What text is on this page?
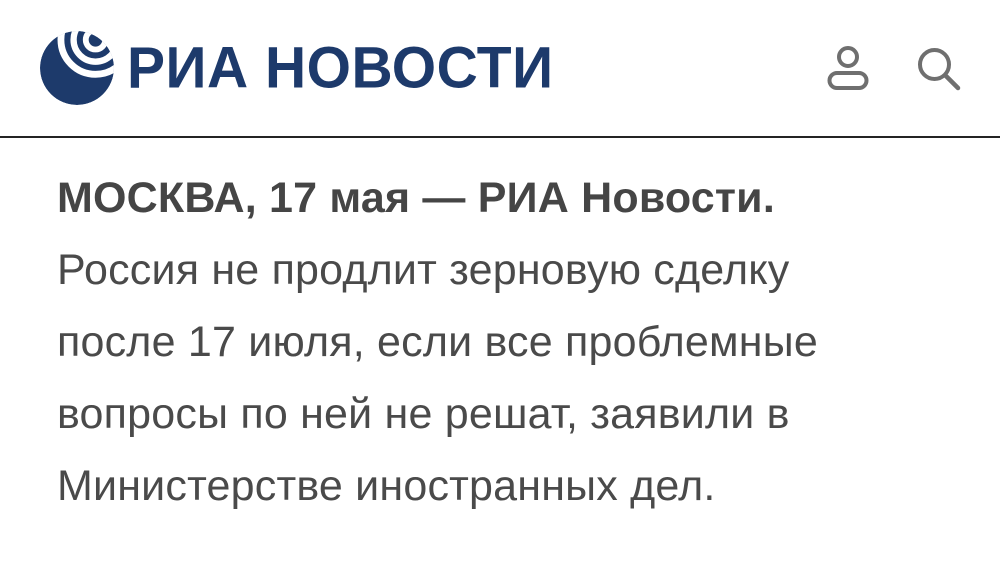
РИА НОВОСТИ
МОСКВА, 17 мая — РИА Новости.
Россия не продлит зерновую сделку
после 17 июля, если все проблемные
вопросы по ней не решат, заявили в
Министерстве иностранных дел.
